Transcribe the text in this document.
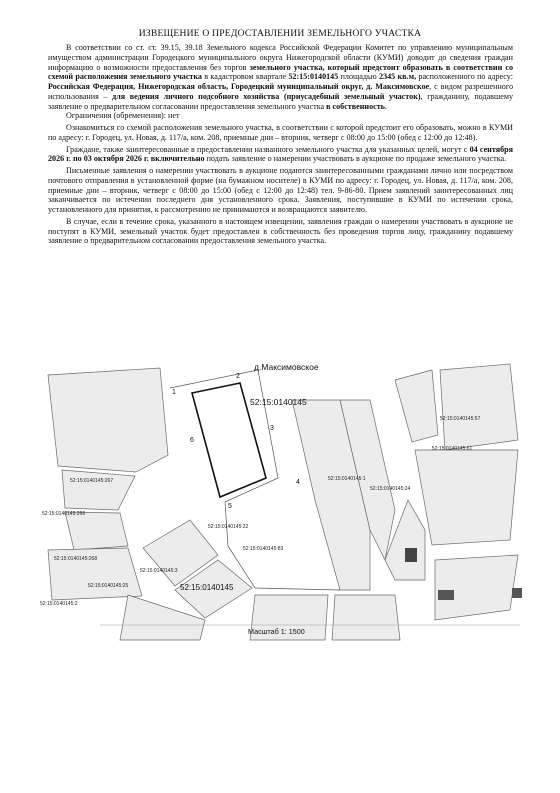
ИЗВЕЩЕНИЕ О ПРЕДОСТАВЛЕНИИ ЗЕМЕЛЬНОГО УЧАСТКА

В соответствии со ст. ст. 39.15, 39.18 Земельного кодекса Российской Федерации Комитет по управлению муниципальным имуществом администрации Городецкого муниципального округа Нижегородской области (КУМИ) доводит до сведения граждан информацию о возможности предоставления без торгов земельного участка, который предстоит образовать в соответствии со схемой расположения земельного участка в кадастровом квартале 52:15:0140145 площадью 2345 кв.м, расположенного по адресу: Российская Федерация, Нижегородская область, Городецкий муниципальный округ, д. Максимовское, с видом разрешенного использования – для ведения личного подсобного хозяйства (приусадебный земельный участок), гражданину, подавшему заявление о предварительном согласовании предоставления земельного участка в собственность.

Ограничения (обременения): нет

Ознакомиться со схемой расположения земельного участка, в соответствии с которой предстоит его образовать, можно в КУМИ по адресу: г. Городец, ул. Новая, д. 117/а, ком. 208, приемные дни – вторник, четверг с 08:00 до 15:00 (обед с 12:00 до 12:48).

Граждане, также заинтересованные в предоставлении названного земельного участка для указанных целей, могут с 04 сентября 2026 г. по 03 октября 2026 г. включительно подать заявление о намерении участвовать в аукционе по продаже земельного участка.

Письменные заявления о намерении участвовать в аукционе подаются заинтересованными гражданами лично или посредством почтового отправления в установленной форме (на бумажном носителе) в КУМИ по адресу: г. Городец, ул. Новая, д. 117/а, ком. 208, приемные дни – вторник, четверг с 08:00 до 15:00 (обед с 12:00 до 12:48) тел. 9-86-80. Прием заявлений заинтересованных лиц заканчивается по истечении последнего дня установленного срока. Заявления, поступившие в КУМИ по истечении срока, установленного для принятия, к рассмотрению не принимаются и возвращаются заявителю.

В случае, если в течение срока, указанного в настоящем извещении, заявления граждан о намерении участвовать в аукционе не поступят в КУМИ, земельный участок будет предоставлен в собственность без проведения торгов лицу, гражданину подавшему заявление о предварительном согласовании предоставления земельного участка.

1
2
3
4
5
6
д.Максимовское
52:15:0140145
52:15:0140145
52:15:0140145:57
52:15:0140145:61
52:15:0140145:1
52:15:0140145:24
52:15:0140145:267
52:15:0140145:266
52:15:0140145:22
52:15:0140145:83
52:15:0140145:268
52:15:0140145:3
52:15:0140145:25
52:15:0140145:2
Масштаб 1: 1500
